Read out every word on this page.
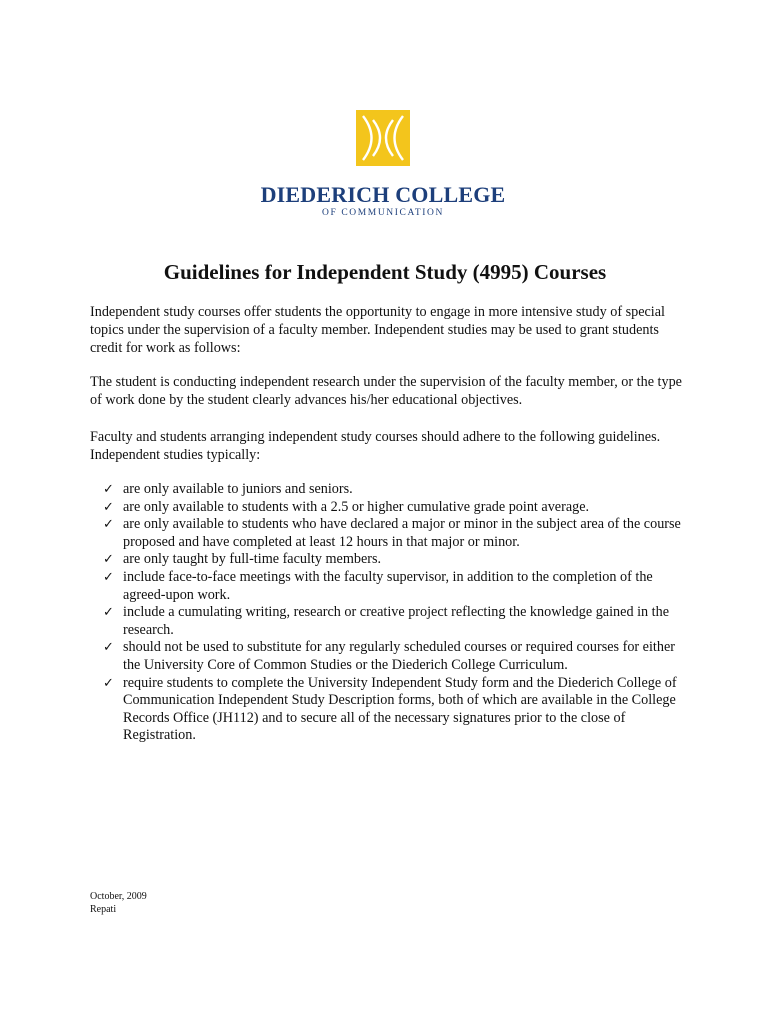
DIEDERICH COLLEGE
OF COMMUNICATION
Guidelines for Independent Study (4995) Courses
Independent study courses offer students the opportunity to engage in more intensive study of special topics under the supervision of a faculty member. Independent studies may be used to grant students credit for work as follows:
The student is conducting independent research under the supervision of the faculty member, or the type of work done by the student clearly advances his/her educational objectives.
Faculty and students arranging independent study courses should adhere to the following guidelines. Independent studies typically:
✓ are only available to juniors and seniors.
✓ are only available to students with a 2.5 or higher cumulative grade point average.
✓ are only available to students who have declared a major or minor in the subject area of the course proposed and have completed at least 12 hours in that major or minor.
✓ are only taught by full-time faculty members.
✓ include face-to-face meetings with the faculty supervisor, in addition to the completion of the agreed-upon work.
✓ include a cumulating writing, research or creative project reflecting the knowledge gained in the research.
✓ should not be used to substitute for any regularly scheduled courses or required courses for either the University Core of Common Studies or the Diederich College Curriculum.
✓ require students to complete the University Independent Study form and the Diederich College of Communication Independent Study Description forms, both of which are available in the College Records Office (JH112) and to secure all of the necessary signatures prior to the close of Registration.
October, 2009
Repati
